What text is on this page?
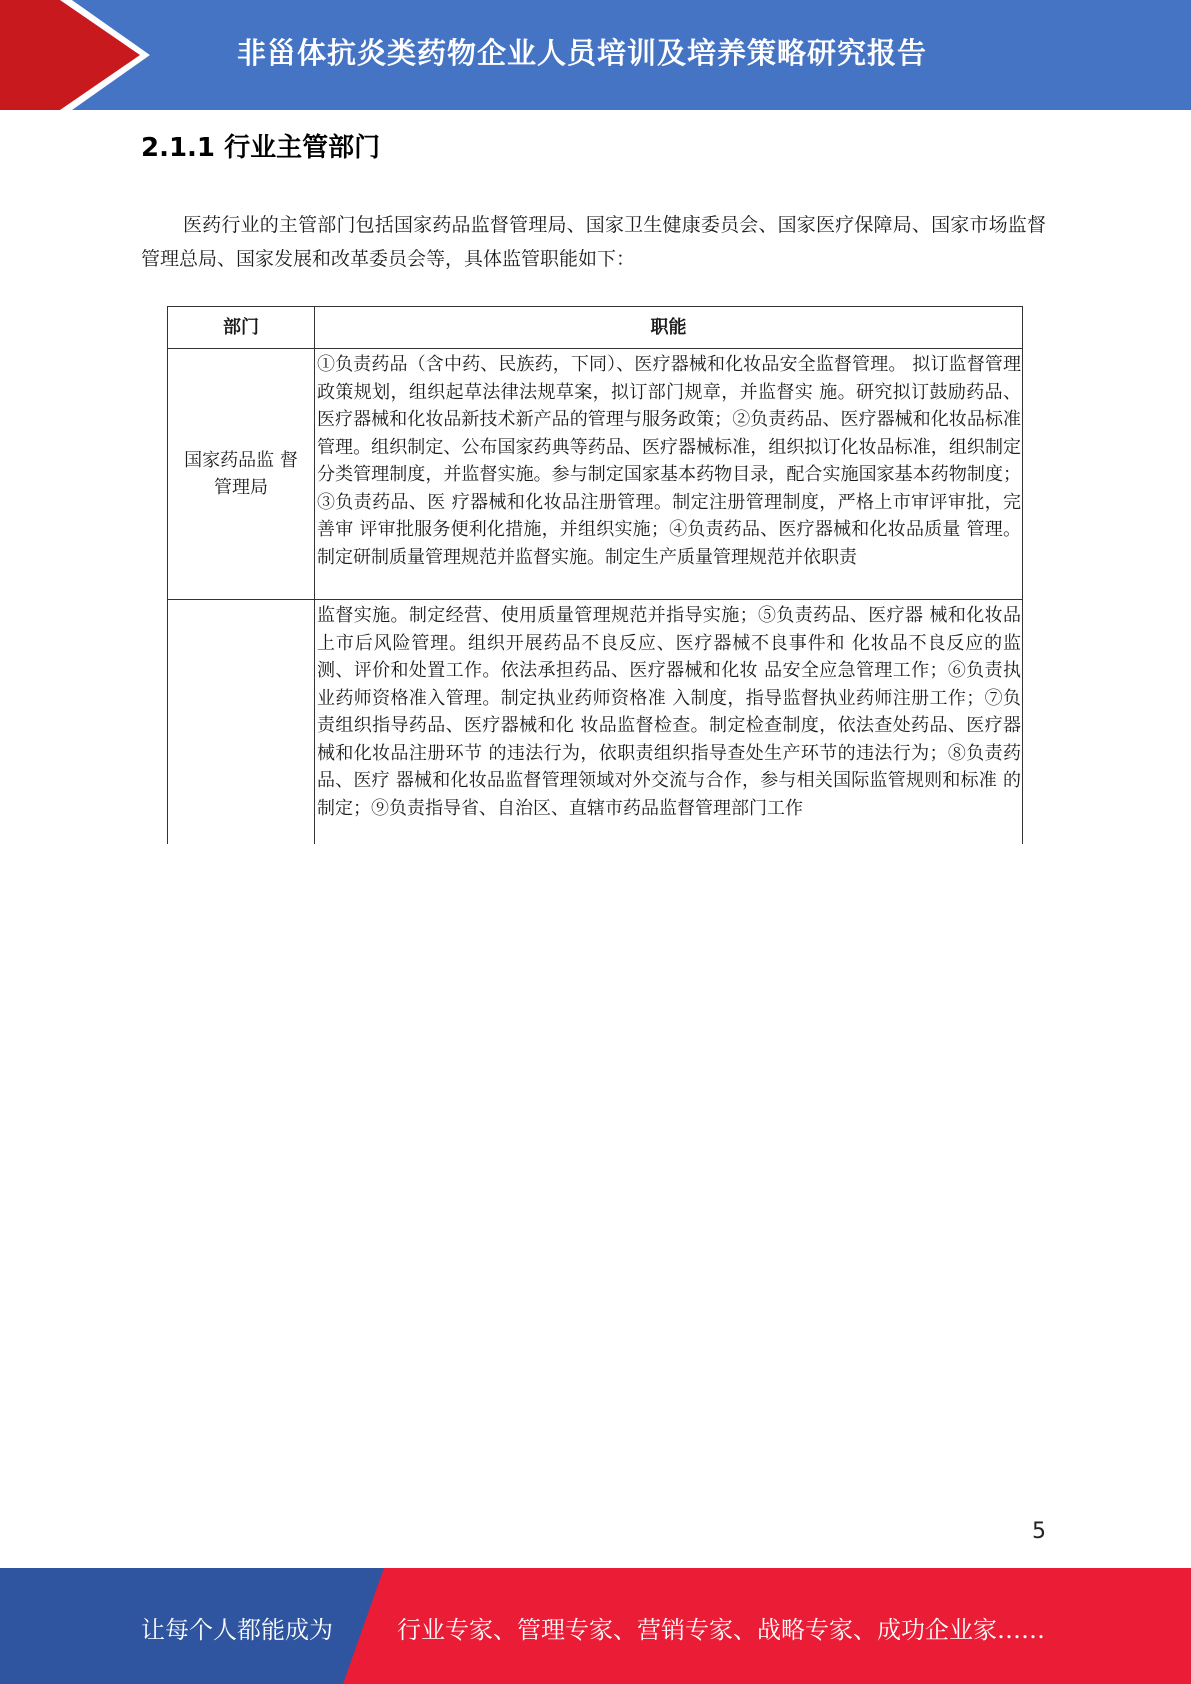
非甾体抗炎类药物企业人员培训及培养策略研究报告
2.1.1 行业主管部门

医药行业的主管部门包括国家药品监督管理局、国家卫生健康委员会、国家医疗保障局、国家市场监督管理总局、国家发展和改革委员会等，具体监管职能如下：

部门	职能
国家药品监 督管理局	①负责药品（含中药、民族药，下同）、医疗器械和化妆品安全监督管理。 拟订监督管理政策规划，组织起草法律法规草案，拟订部门规章，并监督实 施。研究拟订鼓励药品、医疗器械和化妆品新技术新产品的管理与服务政策；②负责药品、医疗器械和化妆品标准管理。组织制定、公布国家药典等药品、医疗器械标准，组织拟订化妆品标准，组织制定分类管理制度，并监督实施。参与制定国家基本药物目录，配合实施国家基本药物制度；③负责药品、医 疗器械和化妆品注册管理。制定注册管理制度，严格上市审评审批，完善审 评审批服务便利化措施，并组织实施；④负责药品、医疗器械和化妆品质量 管理。制定研制质量管理规范并监督实施。制定生产质量管理规范并依职责
	监督实施。制定经营、使用质量管理规范并指导实施；⑤负责药品、医疗器 械和化妆品上市后风险管理。组织开展药品不良反应、医疗器械不良事件和 化妆品不良反应的监测、评价和处置工作。依法承担药品、医疗器械和化妆 品安全应急管理工作；⑥负责执业药师资格准入管理。制定执业药师资格准 入制度，指导监督执业药师注册工作；⑦负责组织指导药品、医疗器械和化 妆品监督检查。制定检查制度，依法查处药品、医疗器械和化妆品注册环节 的违法行为，依职责组织指导查处生产环节的违法行为；⑧负责药品、医疗 器械和化妆品监督管理领域对外交流与合作，参与相关国际监管规则和标准 的制定；⑨负责指导省、自治区、直辖市药品监督管理部门工作
5
让每个人都能成为	行业专家、管理专家、营销专家、战略专家、成功企业家……
